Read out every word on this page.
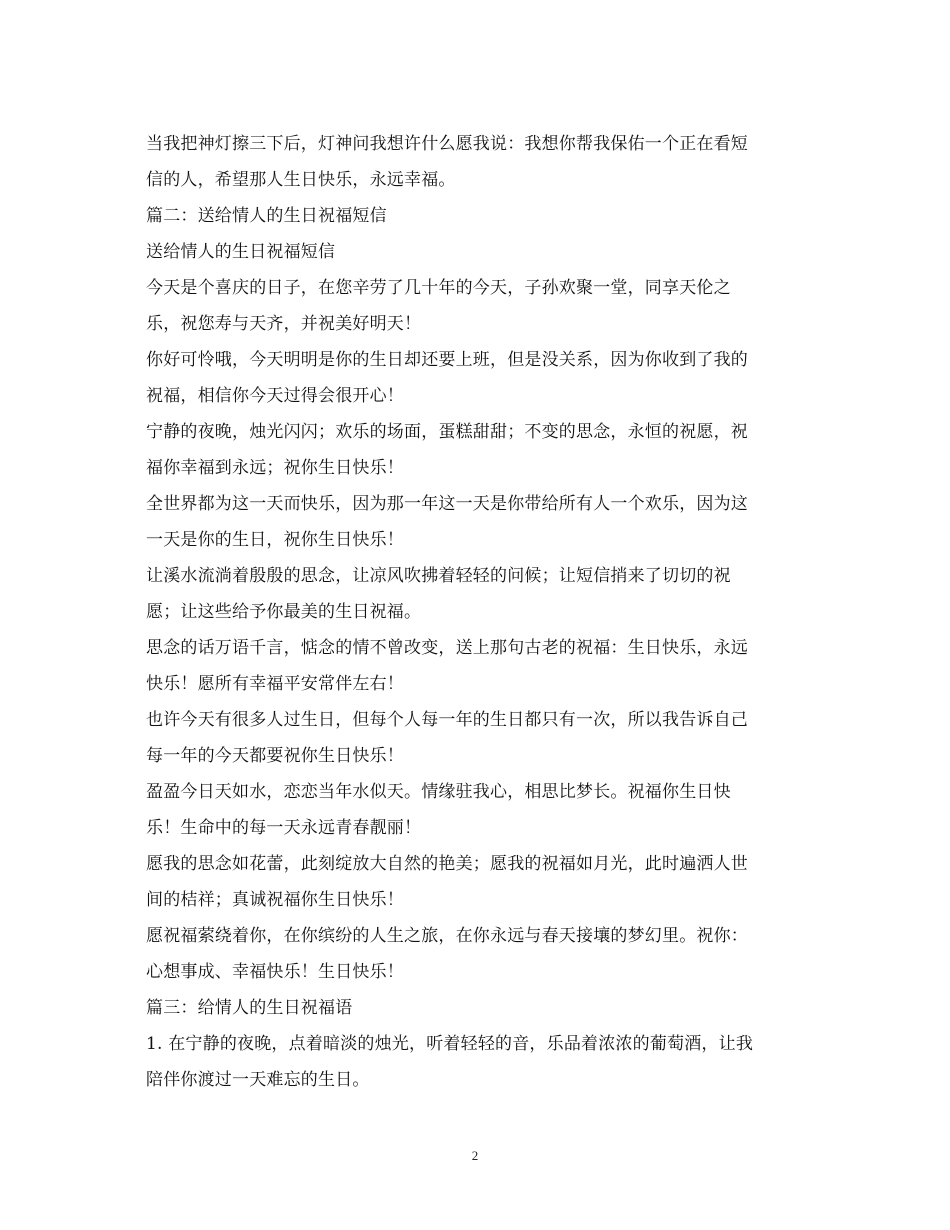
当我把神灯擦三下后，灯神问我想许什么愿我说：我想你帮我保佑一个正在看短
信的人，希望那人生日快乐，永远幸福。
篇二：送给情人的生日祝福短信
送给情人的生日祝福短信
今天是个喜庆的日子，在您辛劳了几十年的今天，子孙欢聚一堂，同享天伦之
乐，祝您寿与天齐，并祝美好明天！
你好可怜哦，今天明明是你的生日却还要上班，但是没关系，因为你收到了我的
祝福，相信你今天过得会很开心！
宁静的夜晚，烛光闪闪；欢乐的场面，蛋糕甜甜；不变的思念，永恒的祝愿，祝
福你幸福到永远；祝你生日快乐！
全世界都为这一天而快乐，因为那一年这一天是你带给所有人一个欢乐，因为这
一天是你的生日，祝你生日快乐！
让溪水流淌着殷殷的思念，让凉风吹拂着轻轻的问候；让短信捎来了切切的祝
愿；让这些给予你最美的生日祝福。
思念的话万语千言，惦念的情不曾改变，送上那句古老的祝福：生日快乐，永远
快乐！愿所有幸福平安常伴左右！
也许今天有很多人过生日，但每个人每一年的生日都只有一次，所以我告诉自己
每一年的今天都要祝你生日快乐！
盈盈今日天如水，恋恋当年水似天。情缘驻我心，相思比梦长。祝福你生日快
乐！生命中的每一天永远青春靓丽！
愿我的思念如花蕾，此刻绽放大自然的艳美；愿我的祝福如月光，此时遍洒人世
间的桔祥；真诚祝福你生日快乐！
愿祝福萦绕着你，在你缤纷的人生之旅，在你永远与春天接壤的梦幻里。祝你：
心想事成、幸福快乐！生日快乐！
篇三：给情人的生日祝福语
1. 在宁静的夜晚，点着暗淡的烛光，听着轻轻的音，乐品着浓浓的葡萄酒，让我
陪伴你渡过一天难忘的生日。
2
